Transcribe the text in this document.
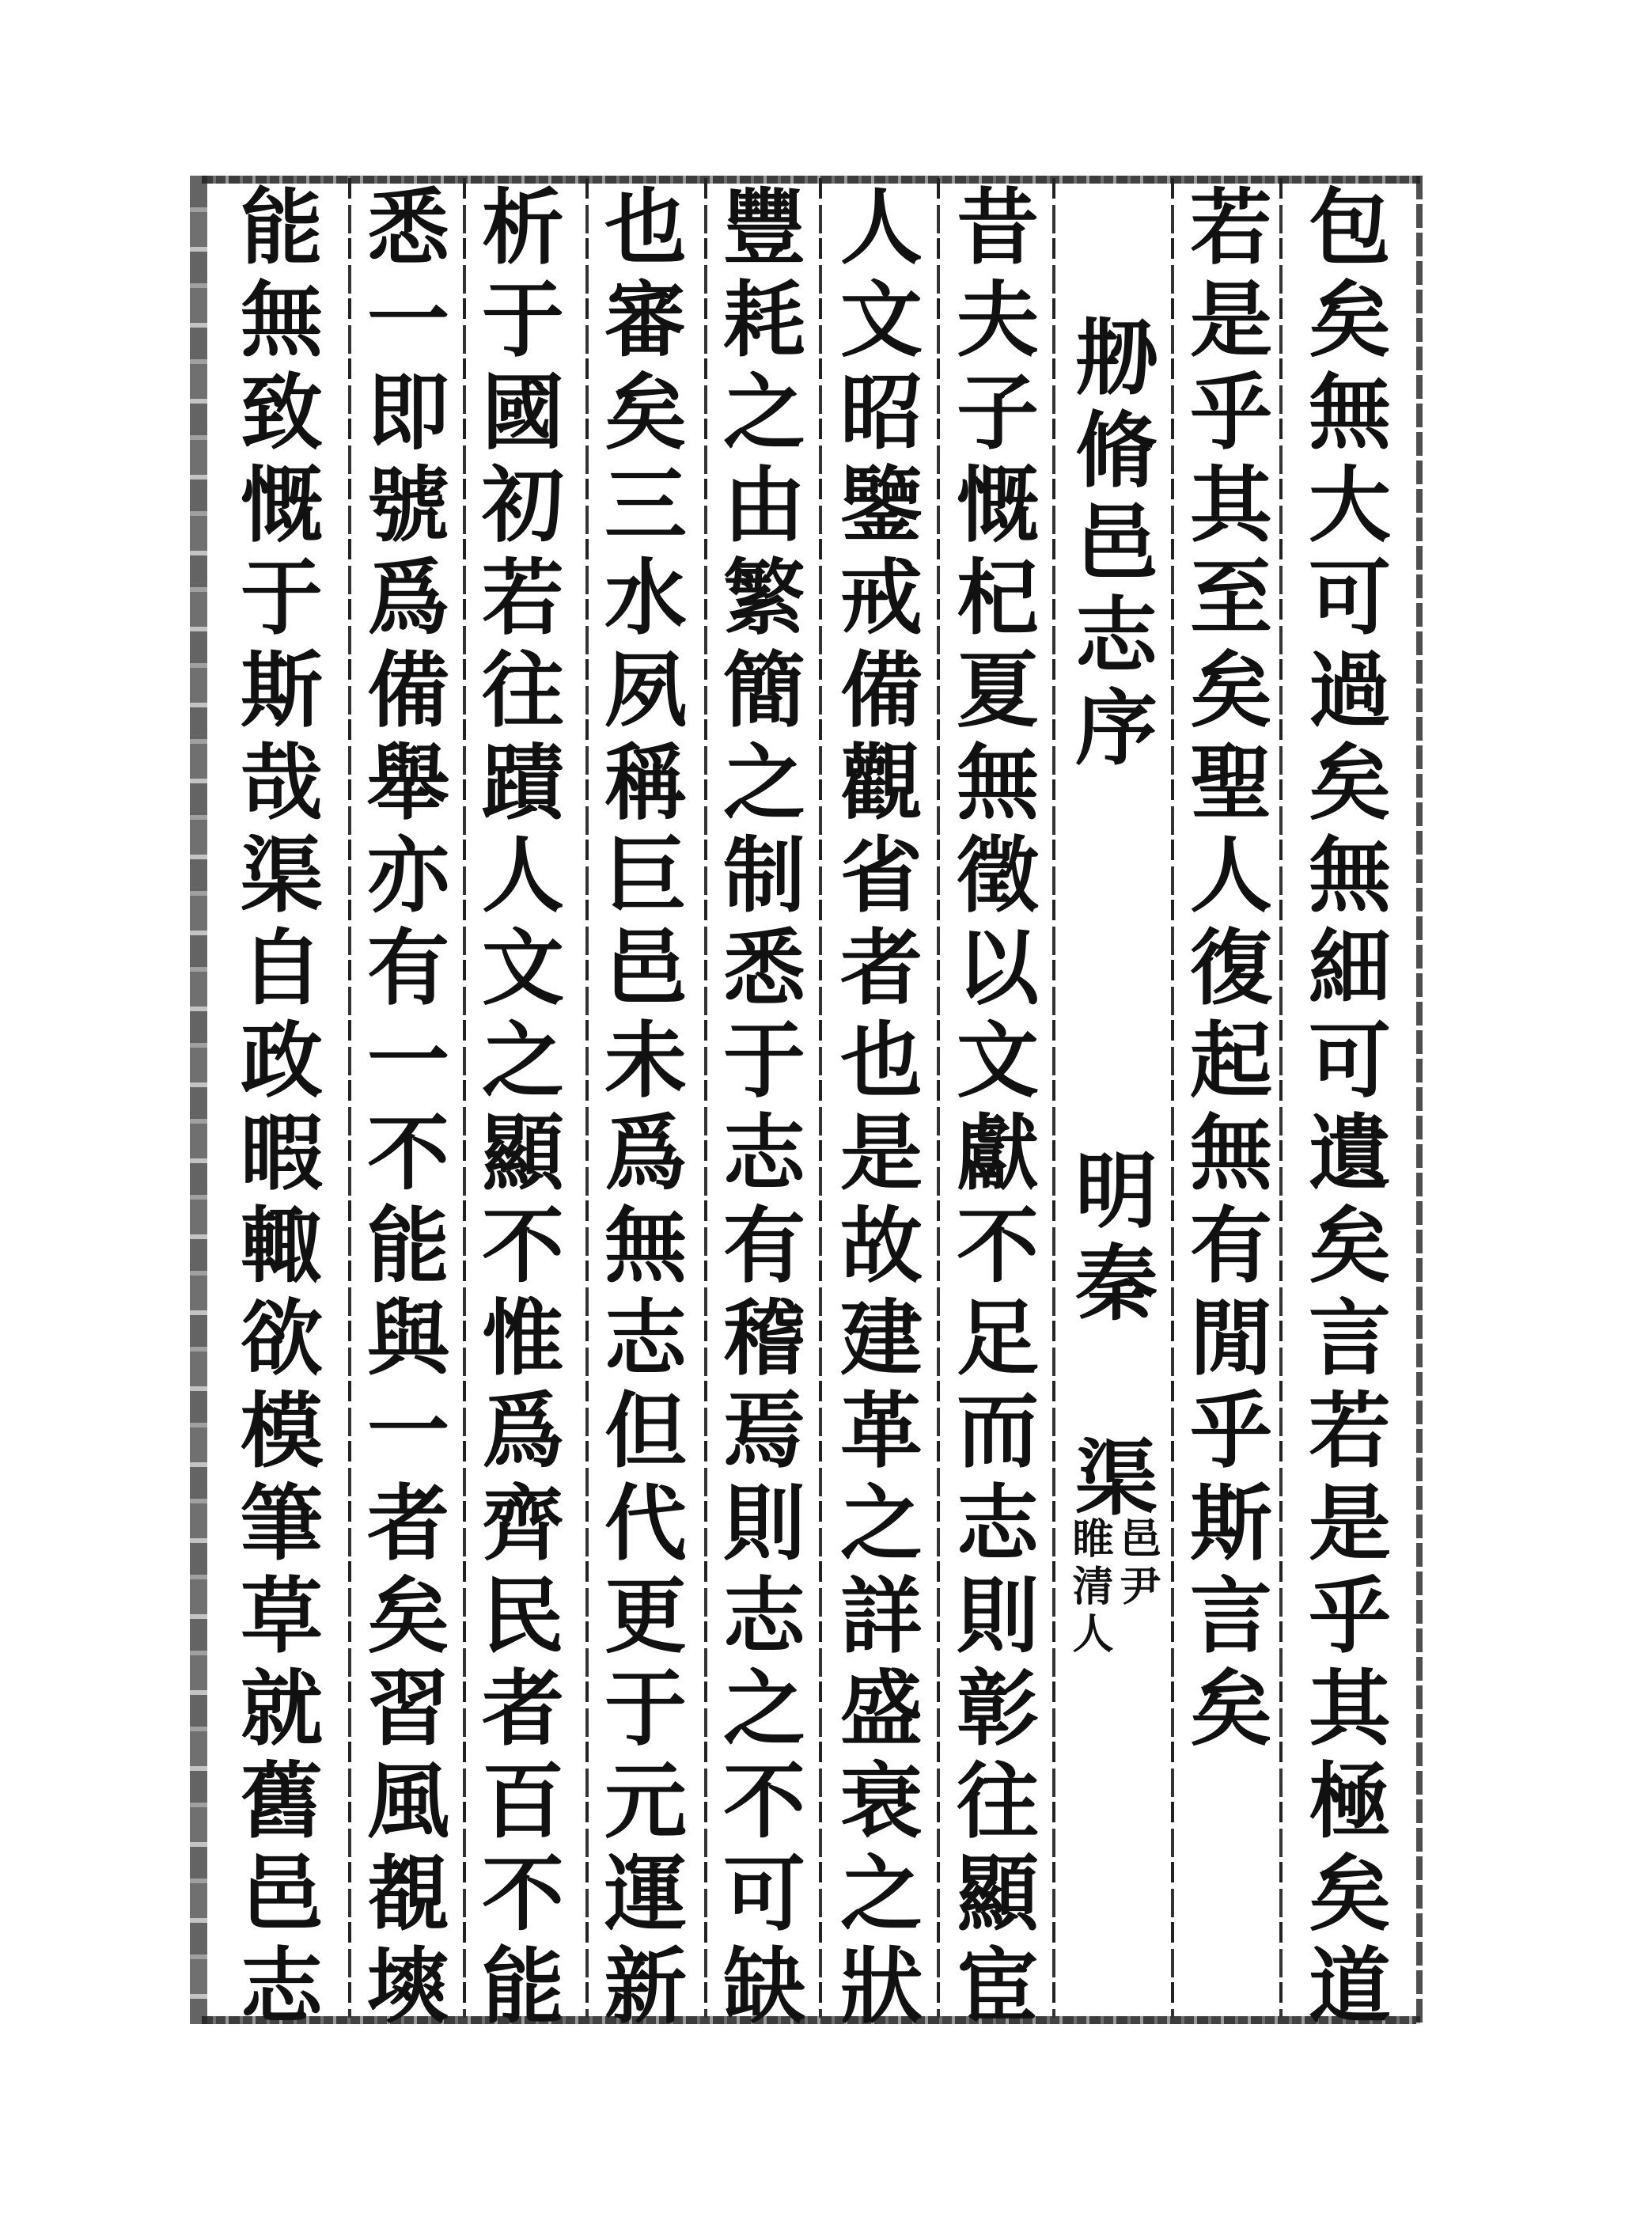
包矣無大可過矣無細可遺矣言若是乎其極矣道
若是乎其至矣聖人復起無有閒乎斯言矣
刱脩邑志序
明秦
渠
邑尹
睢清人
昔夫子慨杞夏無徵以文獻不足而志則彰往顯宦
人文昭鑒戒備觀省者也是故建革之詳盛衰之狀
豐耗之由繁簡之制悉于志有稽焉則志之不可缺
也審矣三水夙稱巨邑未爲無志但代更于元運新
析于國初若往蹟人文之顯不惟爲齊民者百不能
悉一即號爲備舉亦有一不能與一者矣習風覩塽
能無致慨于斯哉渠自政暇輙欲模筆草就舊邑志
